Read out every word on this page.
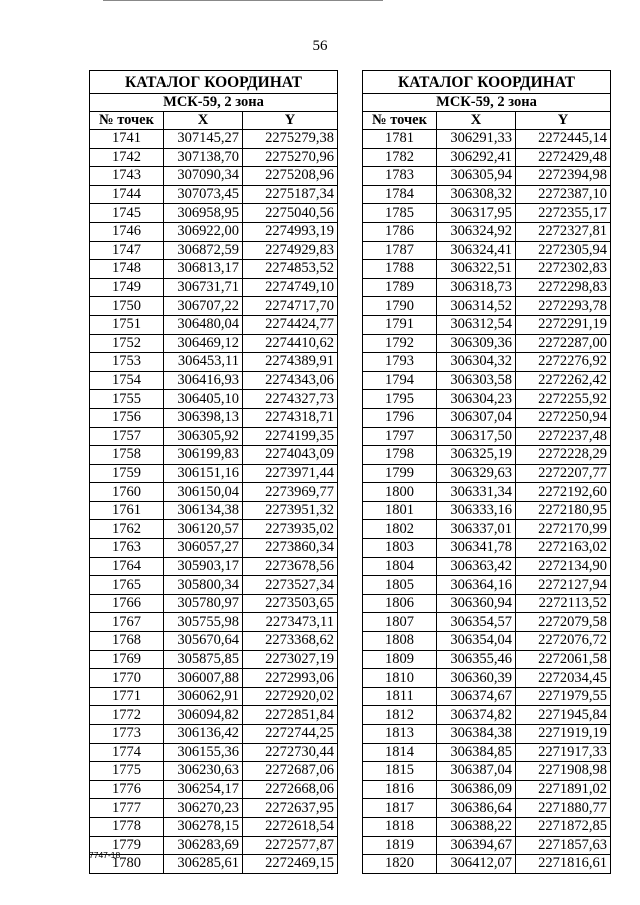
56
КАТАЛОГ КООРДИНАТ		
МСК-59, 2 зона		
№ точек	X	Y
1741	307145,27	2275279,38
1742	307138,70	2275270,96
1743	307090,34	2275208,96
1744	307073,45	2275187,34
1745	306958,95	2275040,56
1746	306922,00	2274993,19
1747	306872,59	2274929,83
1748	306813,17	2274853,52
1749	306731,71	2274749,10
1750	306707,22	2274717,70
1751	306480,04	2274424,77
1752	306469,12	2274410,62
1753	306453,11	2274389,91
1754	306416,93	2274343,06
1755	306405,10	2274327,73
1756	306398,13	2274318,71
1757	306305,92	2274199,35
1758	306199,83	2274043,09
1759	306151,16	2273971,44
1760	306150,04	2273969,77
1761	306134,38	2273951,32
1762	306120,57	2273935,02
1763	306057,27	2273860,34
1764	305903,17	2273678,56
1765	305800,34	2273527,34
1766	305780,97	2273503,65
1767	305755,98	2273473,11
1768	305670,64	2273368,62
1769	305875,85	2273027,19
1770	306007,88	2272993,06
1771	306062,91	2272920,02
1772	306094,82	2272851,84
1773	306136,42	2272744,25
1774	306155,36	2272730,44
1775	306230,63	2272687,06
1776	306254,17	2272668,06
1777	306270,23	2272637,95
1778	306278,15	2272618,54
1779	306283,69	2272577,87
1780	306285,61	2272469,15
КАТАЛОГ КООРДИНАТ		
МСК-59, 2 зона		
№ точек	X	Y
1781	306291,33	2272445,14
1782	306292,41	2272429,48
1783	306305,94	2272394,98
1784	306308,32	2272387,10
1785	306317,95	2272355,17
1786	306324,92	2272327,81
1787	306324,41	2272305,94
1788	306322,51	2272302,83
1789	306318,73	2272298,83
1790	306314,52	2272293,78
1791	306312,54	2272291,19
1792	306309,36	2272287,00
1793	306304,32	2272276,92
1794	306303,58	2272262,42
1795	306304,23	2272255,92
1796	306307,04	2272250,94
1797	306317,50	2272237,48
1798	306325,19	2272228,29
1799	306329,63	2272207,77
1800	306331,34	2272192,60
1801	306333,16	2272180,95
1802	306337,01	2272170,99
1803	306341,78	2272163,02
1804	306363,42	2272134,90
1805	306364,16	2272127,94
1806	306360,94	2272113,52
1807	306354,57	2272079,58
1808	306354,04	2272076,72
1809	306355,46	2272061,58
1810	306360,39	2272034,45
1811	306374,67	2271979,55
1812	306374,82	2271945,84
1813	306384,38	2271919,19
1814	306384,85	2271917,33
1815	306387,04	2271908,98
1816	306386,09	2271891,02
1817	306386,64	2271880,77
1818	306388,22	2271872,85
1819	306394,67	2271857,63
1820	306412,07	2271816,61
7747-18
